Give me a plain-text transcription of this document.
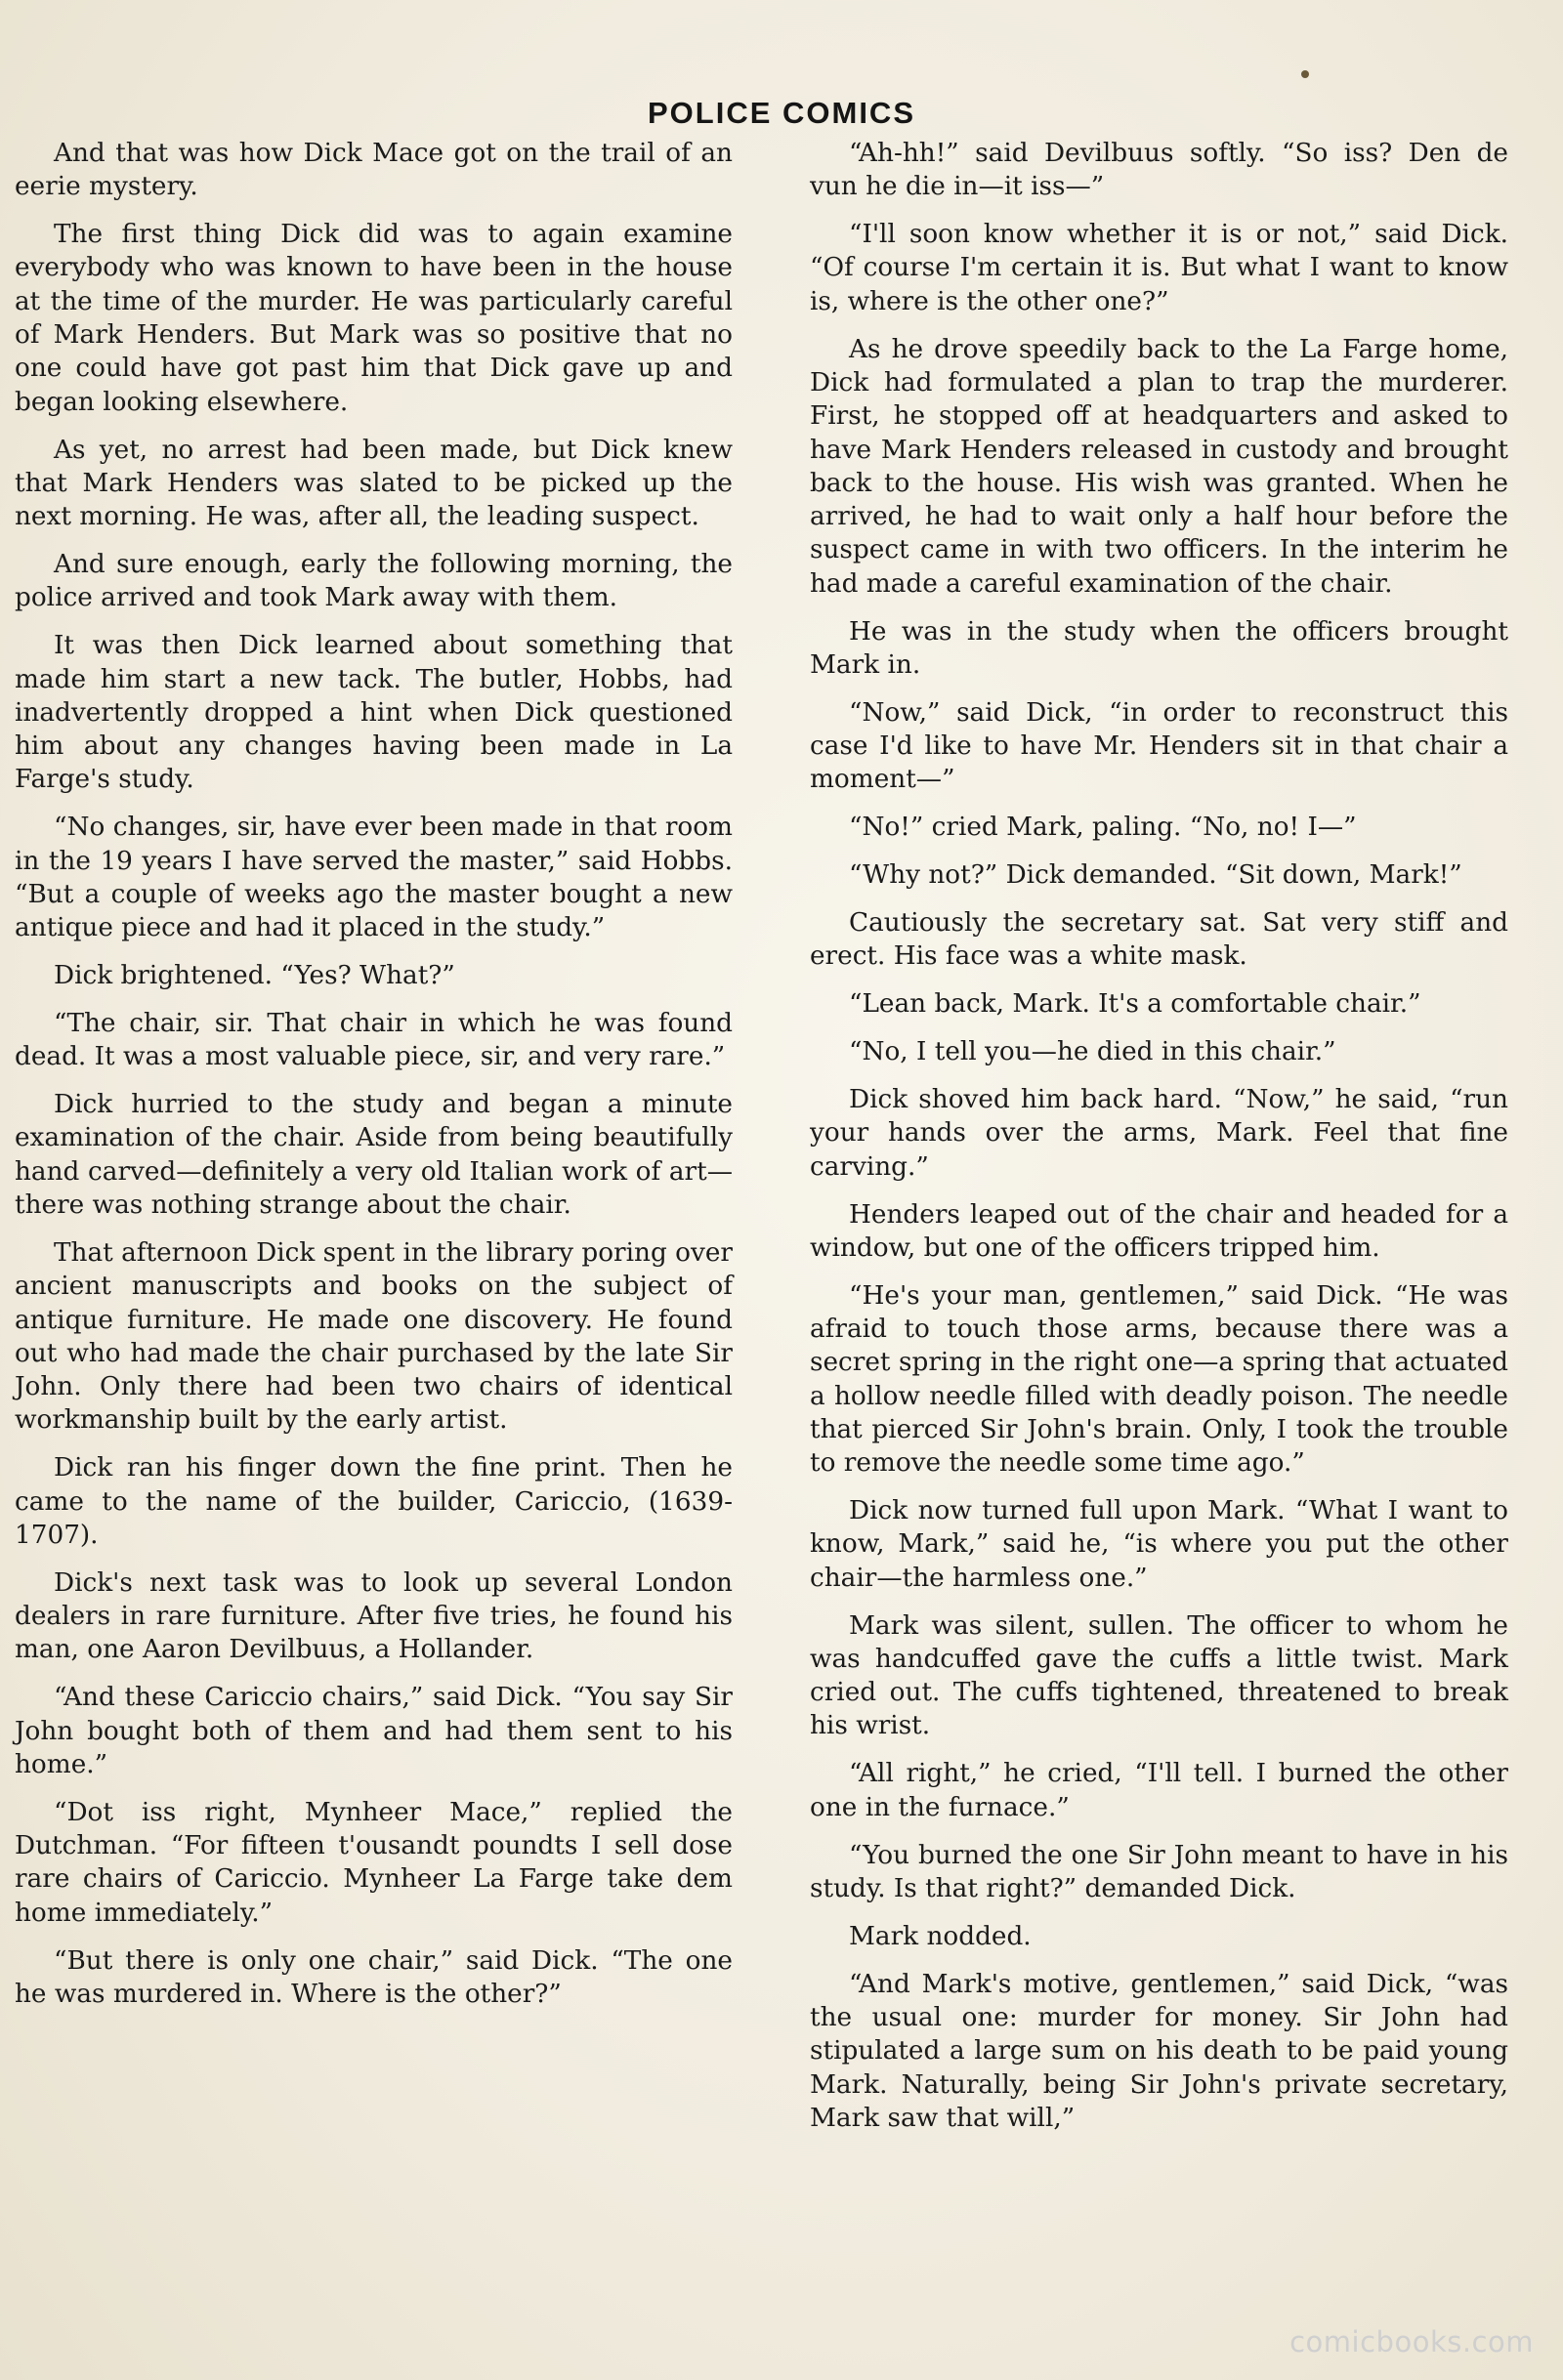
POLICE COMICS

And that was how Dick Mace got on the trail of an eerie mystery.

The first thing Dick did was to again examine everybody who was known to have been in the house at the time of the murder. He was particularly careful of Mark Henders. But Mark was so positive that no one could have got past him that Dick gave up and began looking elsewhere.

As yet, no arrest had been made, but Dick knew that Mark Henders was slated to be picked up the next morning. He was, after all, the leading suspect.

And sure enough, early the following morning, the police arrived and took Mark away with them.

It was then Dick learned about something that made him start a new tack. The butler, Hobbs, had inadvertently dropped a hint when Dick questioned him about any changes having been made in La Farge's study.

“No changes, sir, have ever been made in that room in the 19 years I have served the master,” said Hobbs. “But a couple of weeks ago the master bought a new antique piece and had it placed in the study.”

Dick brightened. “Yes? What?”

“The chair, sir. That chair in which he was found dead. It was a most valuable piece, sir, and very rare.”

Dick hurried to the study and began a minute examination of the chair. Aside from being beautifully hand carved—definitely a very old Italian work of art—there was nothing strange about the chair.

That afternoon Dick spent in the library poring over ancient manuscripts and books on the subject of antique furniture. He made one discovery. He found out who had made the chair purchased by the late Sir John. Only there had been two chairs of identical workmanship built by the early artist.

Dick ran his finger down the fine print. Then he came to the name of the builder, Cariccio, (1639-1707).

Dick's next task was to look up several London dealers in rare furniture. After five tries, he found his man, one Aaron Devilbuus, a Hollander.

“And these Cariccio chairs,” said Dick. “You say Sir John bought both of them and had them sent to his home.”

“Dot iss right, Mynheer Mace,” replied the Dutchman. “For fifteen t'ousandt poundts I sell dose rare chairs of Cariccio. Mynheer La Farge take dem home immediately.”

“But there is only one chair,” said Dick. “The one he was murdered in. Where is the other?”

“Ah-hh!” said Devilbuus softly. “So iss? Den de vun he die in—it iss—”

“I'll soon know whether it is or not,” said Dick. “Of course I'm certain it is. But what I want to know is, where is the other one?”

As he drove speedily back to the La Farge home, Dick had formulated a plan to trap the murderer. First, he stopped off at headquarters and asked to have Mark Henders released in custody and brought back to the house. His wish was granted. When he arrived, he had to wait only a half hour before the suspect came in with two officers. In the interim he had made a careful examination of the chair.

He was in the study when the officers brought Mark in.

“Now,” said Dick, “in order to reconstruct this case I'd like to have Mr. Henders sit in that chair a moment—”

“No!” cried Mark, paling. “No, no! I—”

“Why not?” Dick demanded. “Sit down, Mark!”

Cautiously the secretary sat. Sat very stiff and erect. His face was a white mask.

“Lean back, Mark. It's a comfortable chair.”

“No, I tell you—he died in this chair.”

Dick shoved him back hard. “Now,” he said, “run your hands over the arms, Mark. Feel that fine carving.”

Henders leaped out of the chair and headed for a window, but one of the officers tripped him.

“He's your man, gentlemen,” said Dick. “He was afraid to touch those arms, because there was a secret spring in the right one—a spring that actuated a hollow needle filled with deadly poison. The needle that pierced Sir John's brain. Only, I took the trouble to remove the needle some time ago.”

Dick now turned full upon Mark. “What I want to know, Mark,” said he, “is where you put the other chair—the harmless one.”

Mark was silent, sullen. The officer to whom he was handcuffed gave the cuffs a little twist. Mark cried out. The cuffs tightened, threatened to break his wrist.

“All right,” he cried, “I'll tell. I burned the other one in the furnace.”

“You burned the one Sir John meant to have in his study. Is that right?” demanded Dick.

Mark nodded.

“And Mark's motive, gentlemen,” said Dick, “was the usual one: murder for money. Sir John had stipulated a large sum on his death to be paid young Mark. Naturally, being Sir John's private secretary, Mark saw that will,”

comicbooks.com
